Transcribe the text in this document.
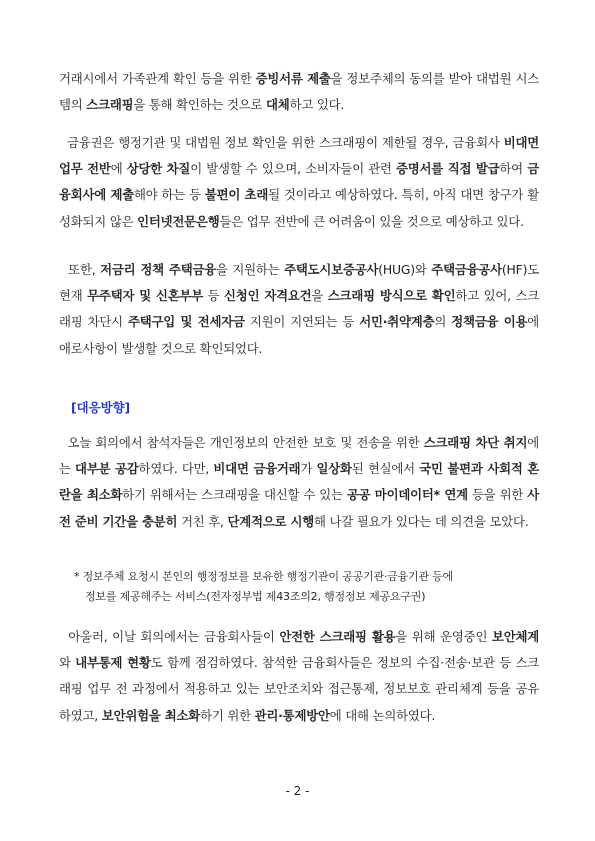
거래시에서 가족관계 확인 등을 위한 증빙서류 제출을 정보주체의 동의를 받아 대법원 시스템의 스크래핑을 통해 확인하는 것으로 대체하고 있다.

금융권은 행정기관 및 대법원 정보 확인을 위한 스크래핑이 제한될 경우, 금융회사 비대면 업무 전반에 상당한 차질이 발생할 수 있으며, 소비자들이 관련 증명서를 직접 발급하여 금융회사에 제출해야 하는 등 불편이 초래될 것이라고 예상하였다. 특히, 아직 대면 창구가 활성화되지 않은 인터넷전문은행들은 업무 전반에 큰 어려움이 있을 것으로 예상하고 있다.

또한, 저금리 정책 주택금융을 지원하는 주택도시보증공사(HUG)와 주택금융공사(HF)도 현재 무주택자 및 신혼부부 등 신청인 자격요건을 스크래핑 방식으로 확인하고 있어, 스크래핑 차단시 주택구입 및 전세자금 지원이 지연되는 등 서민·취약계층의 정책금융 이용에 애로사항이 발생할 것으로 확인되었다.

[대응방향]

오늘 회의에서 참석자들은 개인정보의 안전한 보호 및 전송을 위한 스크래핑 차단 취지에는 대부분 공감하였다. 다만, 비대면 금융거래가 일상화된 현실에서 국민 불편과 사회적 혼란을 최소화하기 위해서는 스크래핑을 대신할 수 있는 공공 마이데이터* 연계 등을 위한 사전 준비 기간을 충분히 거친 후, 단계적으로 시행해 나갈 필요가 있다는 데 의견을 모았다.

* 정보주체 요청시 본인의 행정정보를 보유한 행정기관이 공공기관·금융기관 등에
정보를 제공해주는 서비스(전자정부법 제43조의2, 행정정보 제공요구권)

아울러, 이날 회의에서는 금융회사들이 안전한 스크래핑 활용을 위해 운영중인 보안체계와 내부통제 현황도 함께 점검하였다. 참석한 금융회사들은 정보의 수집·전송·보관 등 스크래핑 업무 전 과정에서 적용하고 있는 보안조치와 접근통제, 정보보호 관리체계 등을 공유하였고, 보안위험을 최소화하기 위한 관리·통제방안에 대해 논의하였다.

- 2 -
